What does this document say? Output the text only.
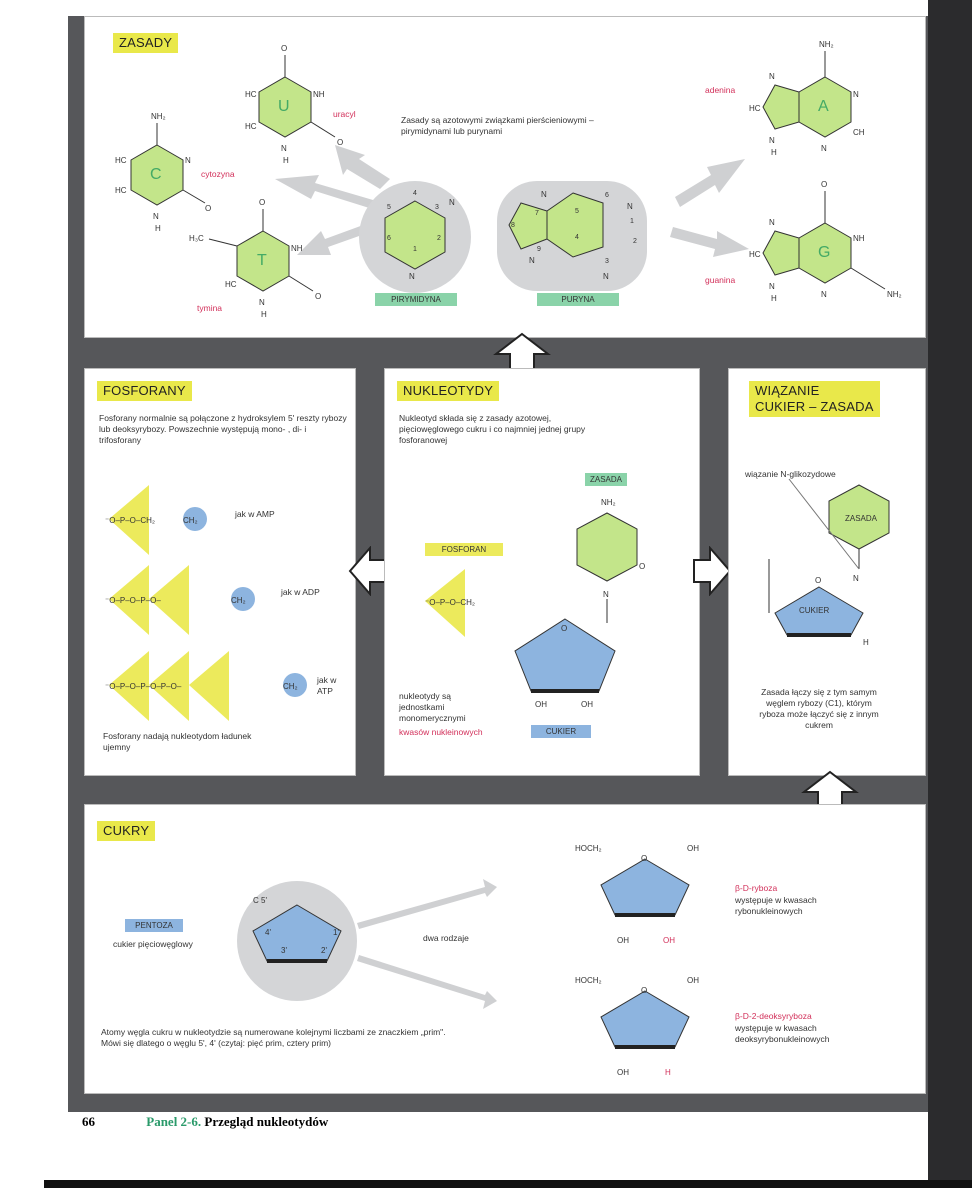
ZASADY
Zasady są azotowymi związkami pierścieniowymi – pirymidynami lub purynami
4
3
N
2
N
1
6
5
N	6
N
1
2
N
3
4
5
7
8
9
N
NH₂
HC
HC
N
N
H
O
O
HC
HC
NH
N
H
O
O
H₃C
HC
NH
N
H
O
NH₂
N
CH
N
HC
N
N
H
O
NH
NH₂
N
HC
N
N
H
U
C
T
A
G
uracyl
cytozyna
tymina
adenina
guanina
PIRYMIDYNA	PURYNA
FOSFORANY
Fosforany normalnie są połączone z hydroksylem 5' reszty rybozy lub deoksyrybozy. Powszechnie występują mono- , di- i trifosforany
⁻O–P–O–CH₂	CH₂
⁻O–P–O–P–O–	CH₂
⁻O–P–O–P–O–P–O–	CH₂
jak w AMP
jak w ADP
jak w ATP
Fosforany nadają nukleotydom ładunek ujemny
NUKLEOTYDY
Nukleotyd składa się z zasady azotowej, pięciowęglowego cukru i co najmniej jednej grupy fosforanowej
NH₂
O
N
⁻O–P–O–CH₂
O
OH	OH
ZASADA
FOSFORAN
nukleotydy są jednostkami monomerycznymi
kwasów nukleinowych	CUKIER
WIĄZANIE
CUKIER – ZASADA
wiązanie N-glikozydowe
N
O
H
ZASADA
CUKIER
Zasada łączy się z tym samym węglem rybozy (C1), którym ryboza może łączyć się z innym cukrem
CUKRY
PENTOZA
cukier pięciowęglowy
C 5'
4'
3'	2'
1'
HOCH₂
O
OH
OH	OH
HOCH₂
O
OH
OH	H
dwa rodzaje
β-D-ryboza
występuje w kwasach rybonukleinowych
β-D-2-deoksyryboza
występuje w kwasach deoksyrybonukleinowych
Atomy węgla cukru w nukleotydzie są numerowane kolejnymi liczbami ze znaczkiem „prim". Mówi się dlatego o węglu 5', 4' (czytaj: pięć prim, cztery prim)
66	Panel 2-6. Przegląd nukleotydów
